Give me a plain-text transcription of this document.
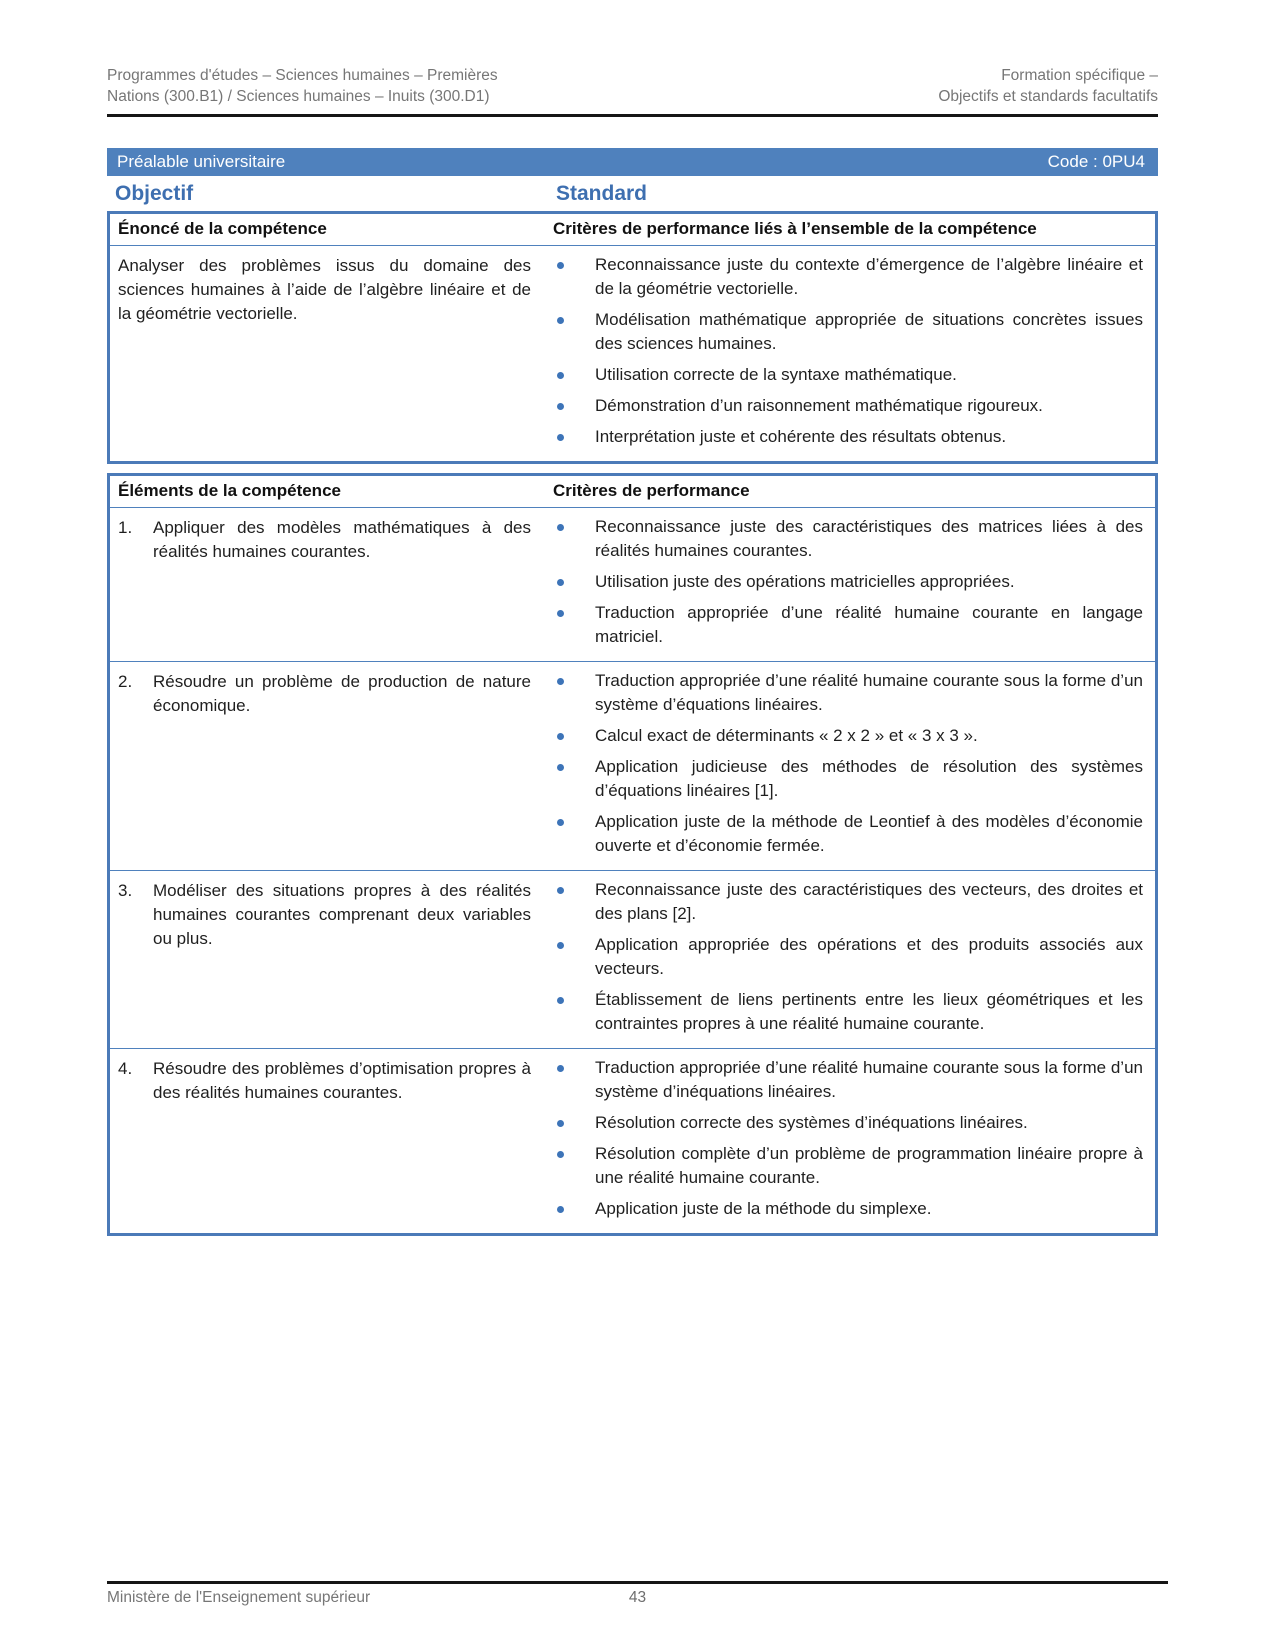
Programmes d'études – Sciences humaines – Premières
Nations (300.B1) / Sciences humaines – Inuits (300.D1)
Formation spécifique –
Objectifs et standards facultatifs
Préalable universitaire	Code : 0PU4
Objectif	Standard
Énoncé de la compétence	Critères de performance liés à l’ensemble de la compétence

Analyser des problèmes issus du domaine des sciences humaines à l’aide de l’algèbre linéaire et de la géométrie vectorielle.

Reconnaissance juste du contexte d’émergence de l’algèbre linéaire et de la géométrie vectorielle.
Modélisation mathématique appropriée de situations concrètes issues des sciences humaines.
Utilisation correcte de la syntaxe mathématique.
Démonstration d’un raisonnement mathématique rigoureux.
Interprétation juste et cohérente des résultats obtenus.
Éléments de la compétence	Critères de performance
1.	Appliquer des modèles mathématiques à des réalités humaines courantes.

Reconnaissance juste des caractéristiques des matrices liées à des réalités humaines courantes.
Utilisation juste des opérations matricielles appropriées.
Traduction appropriée d’une réalité humaine courante en langage matriciel.
2.	Résoudre un problème de production de nature économique.

Traduction appropriée d’une réalité humaine courante sous la forme d’un système d’équations linéaires.
Calcul exact de déterminants « 2 x 2 » et « 3 x 3 ».
Application judicieuse des méthodes de résolution des systèmes d’équations linéaires [1].
Application juste de la méthode de Leontief à des modèles d’économie ouverte et d’économie fermée.
3.	Modéliser des situations propres à des réalités humaines courantes comprenant deux variables ou plus.

Reconnaissance juste des caractéristiques des vecteurs, des droites et des plans [2].
Application appropriée des opérations et des produits associés aux vecteurs.
Établissement de liens pertinents entre les lieux géométriques et les contraintes propres à une réalité humaine courante.
4.	Résoudre des problèmes d’optimisation propres à des réalités humaines courantes.

Traduction appropriée d’une réalité humaine courante sous la forme d’un système d’inéquations linéaires.
Résolution correcte des systèmes d’inéquations linéaires.
Résolution complète d’un problème de programmation linéaire propre à une réalité humaine courante.
Application juste de la méthode du simplexe.
Ministère de l'Enseignement supérieur	43
